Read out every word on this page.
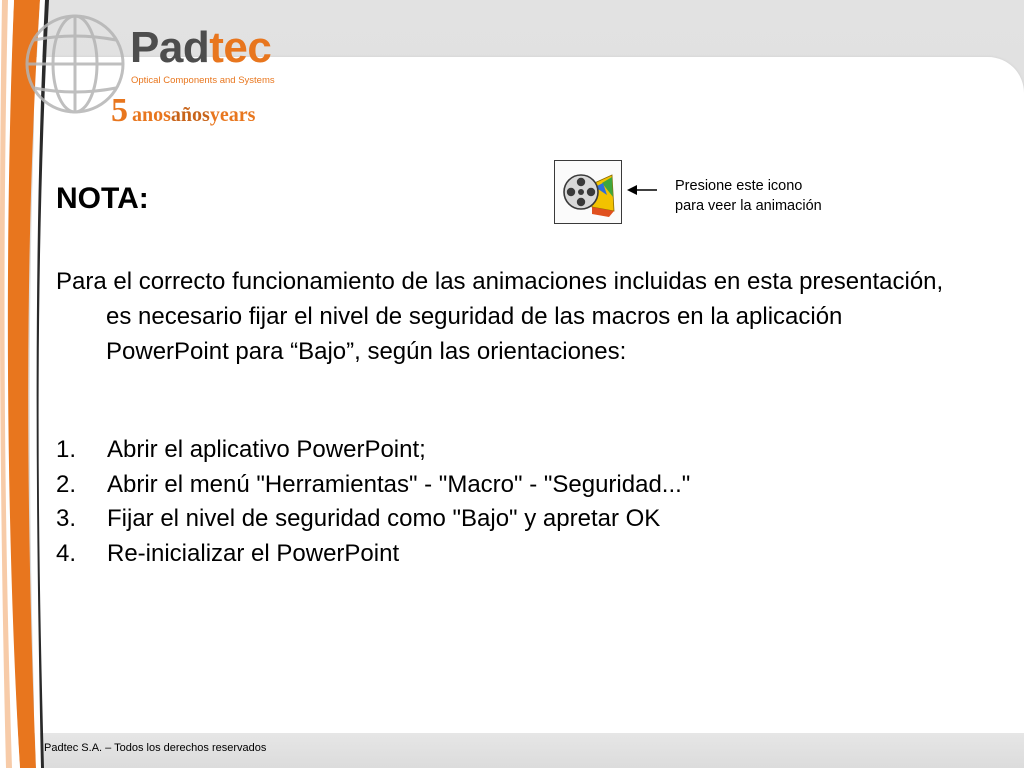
Padtec
Optical Components and Systems
5 anosañosyears
NOTA:
Para el correcto funcionamiento de las animaciones incluidas en esta presentación, es necesario fijar el nivel de seguridad de las macros en la aplicación PowerPoint para “Bajo”, según las orientaciones:
1. Abrir el aplicativo PowerPoint;
2. Abrir el menú "Herramientas" - "Macro" - "Seguridad..."
3. Fijar el nivel de seguridad como "Bajo" y apretar OK
4. Re-inicializar el PowerPoint
Presione este icono
para veer la animación
Padtec S.A. – Todos los derechos reservados
